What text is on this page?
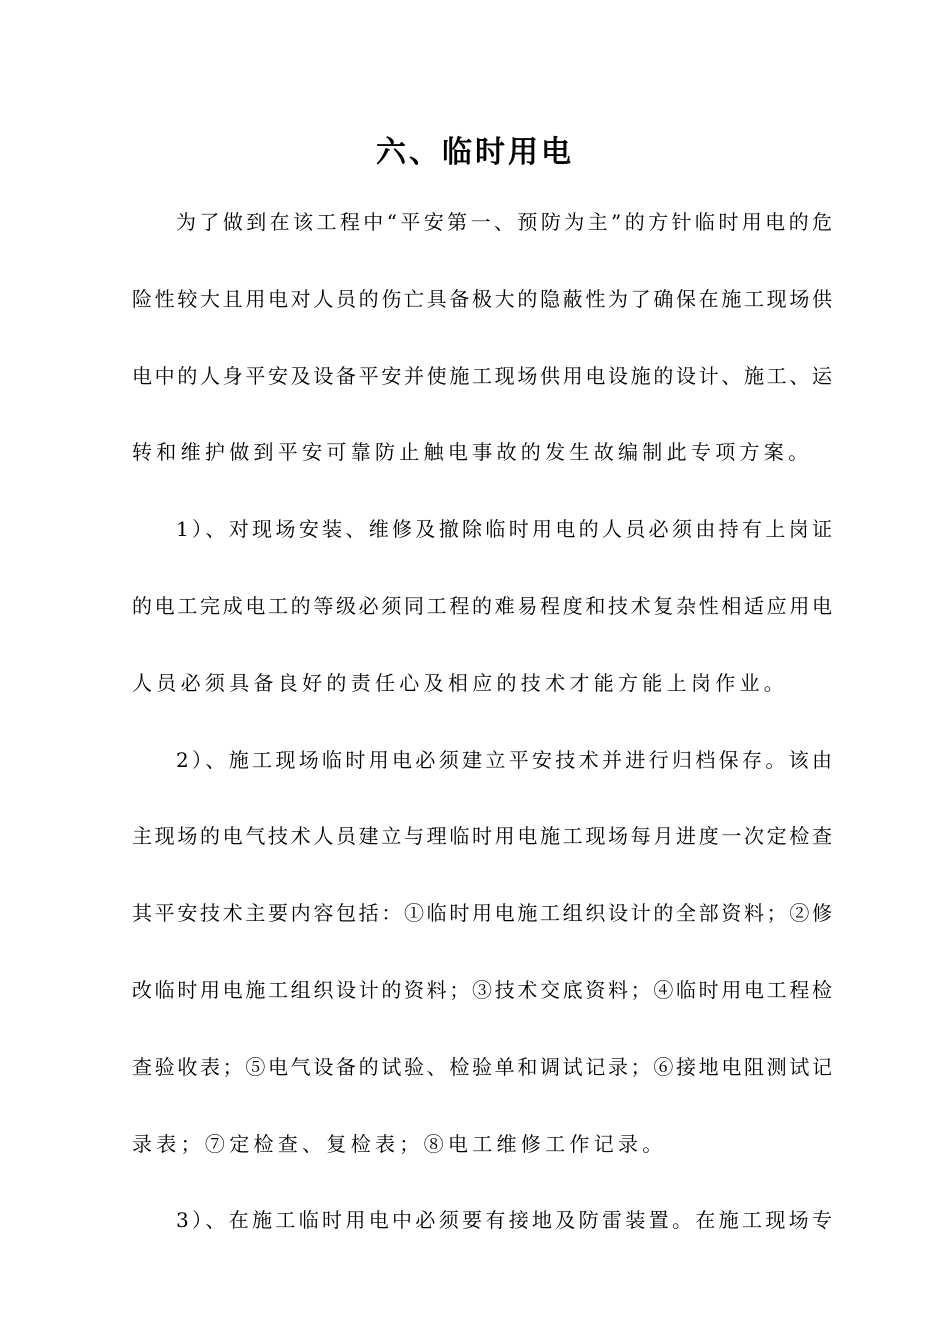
六、临时用电
为了做到在该工程中“平安第一、预防为主”的方针临时用电的危
险性较大且用电对人员的伤亡具备极大的隐蔽性为了确保在施工现场供
电中的人身平安及设备平安并使施工现场供用电设施的设计、施工、运
转和维护做到平安可靠防止触电事故的发生故编制此专项方案。
1）、对现场安装、维修及撤除临时用电的人员必须由持有上岗证
的电工完成电工的等级必须同工程的难易程度和技术复杂性相适应用电
人员必须具备良好的责任心及相应的技术才能方能上岗作业。
2）、施工现场临时用电必须建立平安技术并进行归档保存。该由
主现场的电气技术人员建立与理临时用电施工现场每月进度一次定检查
其平安技术主要内容包括：①临时用电施工组织设计的全部资料；②修
改临时用电施工组织设计的资料；③技术交底资料；④临时用电工程检
查验收表；⑤电气设备的试验、检验单和调试记录；⑥接地电阻测试记
录表；⑦定检查、复检表；⑧电工维修工作记录。
3）、在施工临时用电中必须要有接地及防雷装置。在施工现场专
